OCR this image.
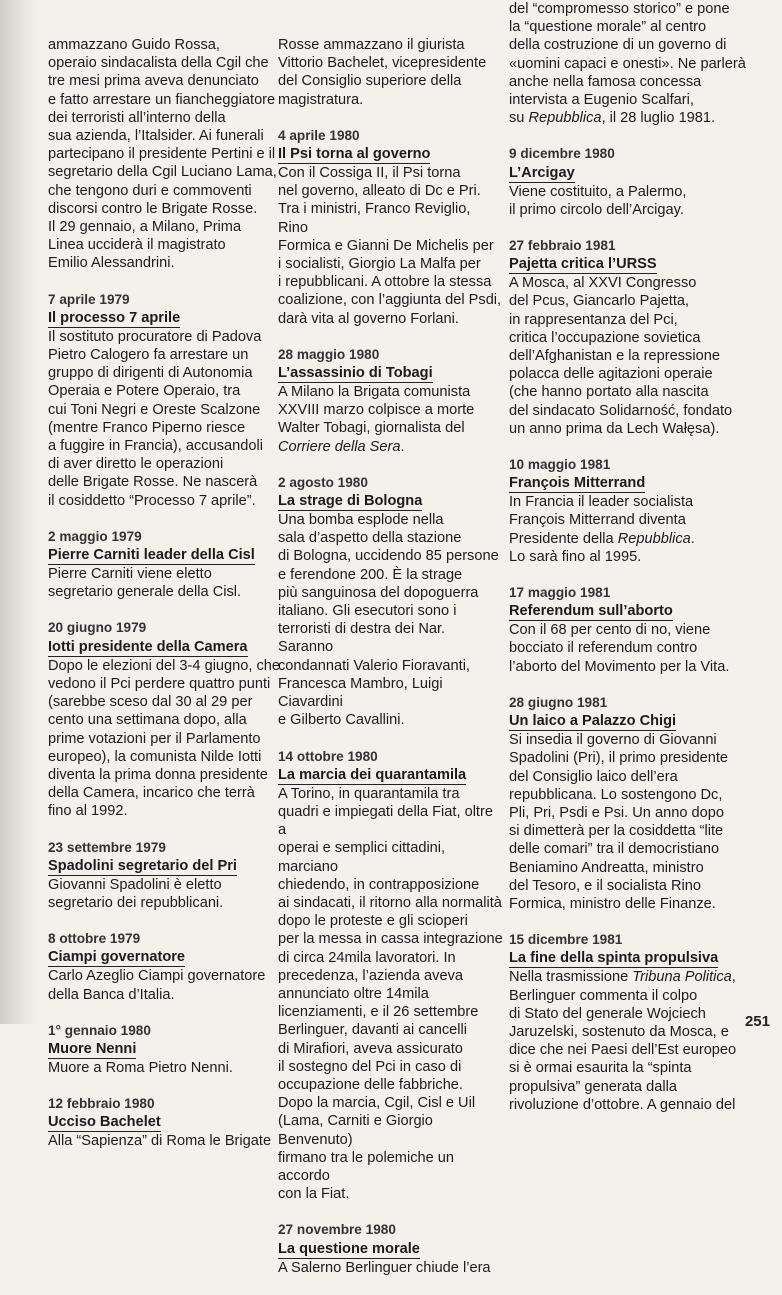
ammazzano Guido Rossa,

operaio sindacalista della Cgil che

tre mesi prima aveva denunciato

e fatto arrestare un fiancheggiatore

dei terroristi all’interno della

sua azienda, l’Italsider. Ai funerali

partecipano il presidente Pertini e il

segretario della Cgil Luciano Lama,

che tengono duri e commoventi

discorsi contro le Brigate Rosse.

Il 29 gennaio, a Milano, Prima

Linea ucciderà il magistrato

Emilio Alessandrini.

7 aprile 1979

Il processo 7 aprile

Il sostituto procuratore di Padova

Pietro Calogero fa arrestare un

gruppo di dirigenti di Autonomia

Operaia e Potere Operaio, tra

cui Toni Negri e Oreste Scalzone

(mentre Franco Piperno riesce

a fuggire in Francia), accusandoli

di aver diretto le operazioni

delle Brigate Rosse. Ne nascerà

il cosiddetto “Processo 7 aprile”.

2 maggio 1979

Pierre Carniti leader della Cisl

Pierre Carniti viene eletto

segretario generale della Cisl.

20 giugno 1979

Iotti presidente della Camera

Dopo le elezioni del 3-4 giugno, che

vedono il Pci perdere quattro punti

(sarebbe sceso dal 30 al 29 per

cento una settimana dopo, alla

prime votazioni per il Parlamento

europeo), la comunista Nilde Iotti

diventa la prima donna presidente

della Camera, incarico che terrà

fino al 1992.

23 settembre 1979

Spadolini segretario del Pri

Giovanni Spadolini è eletto

segretario dei repubblicani.

8 ottobre 1979

Ciampi governatore

Carlo Azeglio Ciampi governatore

della Banca d’Italia.

1° gennaio 1980

Muore Nenni

Muore a Roma Pietro Nenni.

12 febbraio 1980

Ucciso Bachelet

Alla “Sapienza” di Roma le Brigate

Rosse ammazzano il giurista

Vittorio Bachelet, vicepresidente

del Consiglio superiore della

magistratura.

4 aprile 1980

Il Psi torna al governo

Con il Cossiga II, il Psi torna

nel governo, alleato di Dc e Pri.

Tra i ministri, Franco Reviglio, Rino

Formica e Gianni De Michelis per

i socialisti, Giorgio La Malfa per

i repubblicani. A ottobre la stessa

coalizione, con l’aggiunta del Psdi,

darà vita al governo Forlani.

28 maggio 1980

L’assassinio di Tobagi

A Milano la Brigata comunista

XXVIII marzo colpisce a morte

Walter Tobagi, giornalista del

Corriere della Sera.

2 agosto 1980

La strage di Bologna

Una bomba esplode nella

sala d’aspetto della stazione

di Bologna, uccidendo 85 persone

e ferendone 200. È la strage

più sanguinosa del dopoguerra

italiano. Gli esecutori sono i

terroristi di destra dei Nar. Saranno

condannati Valerio Fioravanti,

Francesca Mambro, Luigi Ciavardini

e Gilberto Cavallini.

14 ottobre 1980

La marcia dei quarantamila

A Torino, in quarantamila tra

quadri e impiegati della Fiat, oltre a

operai e semplici cittadini, marciano

chiedendo, in contrapposizione

ai sindacati, il ritorno alla normalità

dopo le proteste e gli scioperi

per la messa in cassa integrazione

di circa 24mila lavoratori. In

precedenza, l’azienda aveva

annunciato oltre 14mila

licenziamenti, e il 26 settembre

Berlinguer, davanti ai cancelli

di Mirafiori, aveva assicurato

il sostegno del Pci in caso di

occupazione delle fabbriche.

Dopo la marcia, Cgil, Cisl e Uil

(Lama, Carniti e Giorgio Benvenuto)

firmano tra le polemiche un accordo

con la Fiat.

27 novembre 1980

La questione morale

A Salerno Berlinguer chiude l’era

del “compromesso storico” e pone

la “questione morale” al centro

della costruzione di un governo di

«uomini capaci e onesti». Ne parlerà

anche nella famosa concessa

intervista a Eugenio Scalfari,

su Repubblica, il 28 luglio 1981.

9 dicembre 1980

L’Arcigay

Viene costituito, a Palermo,

il primo circolo dell’Arcigay.

27 febbraio 1981

Pajetta critica l’URSS

A Mosca, al XXVI Congresso

del Pcus, Giancarlo Pajetta,

in rappresentanza del Pci,

critica l’occupazione sovietica

dell’Afghanistan e la repressione

polacca delle agitazioni operaie

(che hanno portato alla nascita

del sindacato Solidarność, fondato

un anno prima da Lech Wałęsa).

10 maggio 1981

François Mitterrand

In Francia il leader socialista

François Mitterrand diventa

Presidente della Repubblica.

Lo sarà fino al 1995.

17 maggio 1981

Referendum sull’aborto

Con il 68 per cento di no, viene

bocciato il referendum contro

l’aborto del Movimento per la Vita.

28 giugno 1981

Un laico a Palazzo Chigi

Si insedia il governo di Giovanni

Spadolini (Pri), il primo presidente

del Consiglio laico dell’era

repubblicana. Lo sostengono Dc,

Pli, Pri, Psdi e Psi. Un anno dopo

si dimetterà per la cosiddetta “lite

delle comari” tra il democristiano

Beniamino Andreatta, ministro

del Tesoro, e il socialista Rino

Formica, ministro delle Finanze.

15 dicembre 1981

La fine della spinta propulsiva

Nella trasmissione Tribuna Politica,

Berlinguer commenta il colpo

di Stato del generale Wojciech

Jaruzelski, sostenuto da Mosca, e

dice che nei Paesi dell’Est europeo

si è ormai esaurita la “spinta

propulsiva” generata dalla

rivoluzione d’ottobre. A gennaio del

251
